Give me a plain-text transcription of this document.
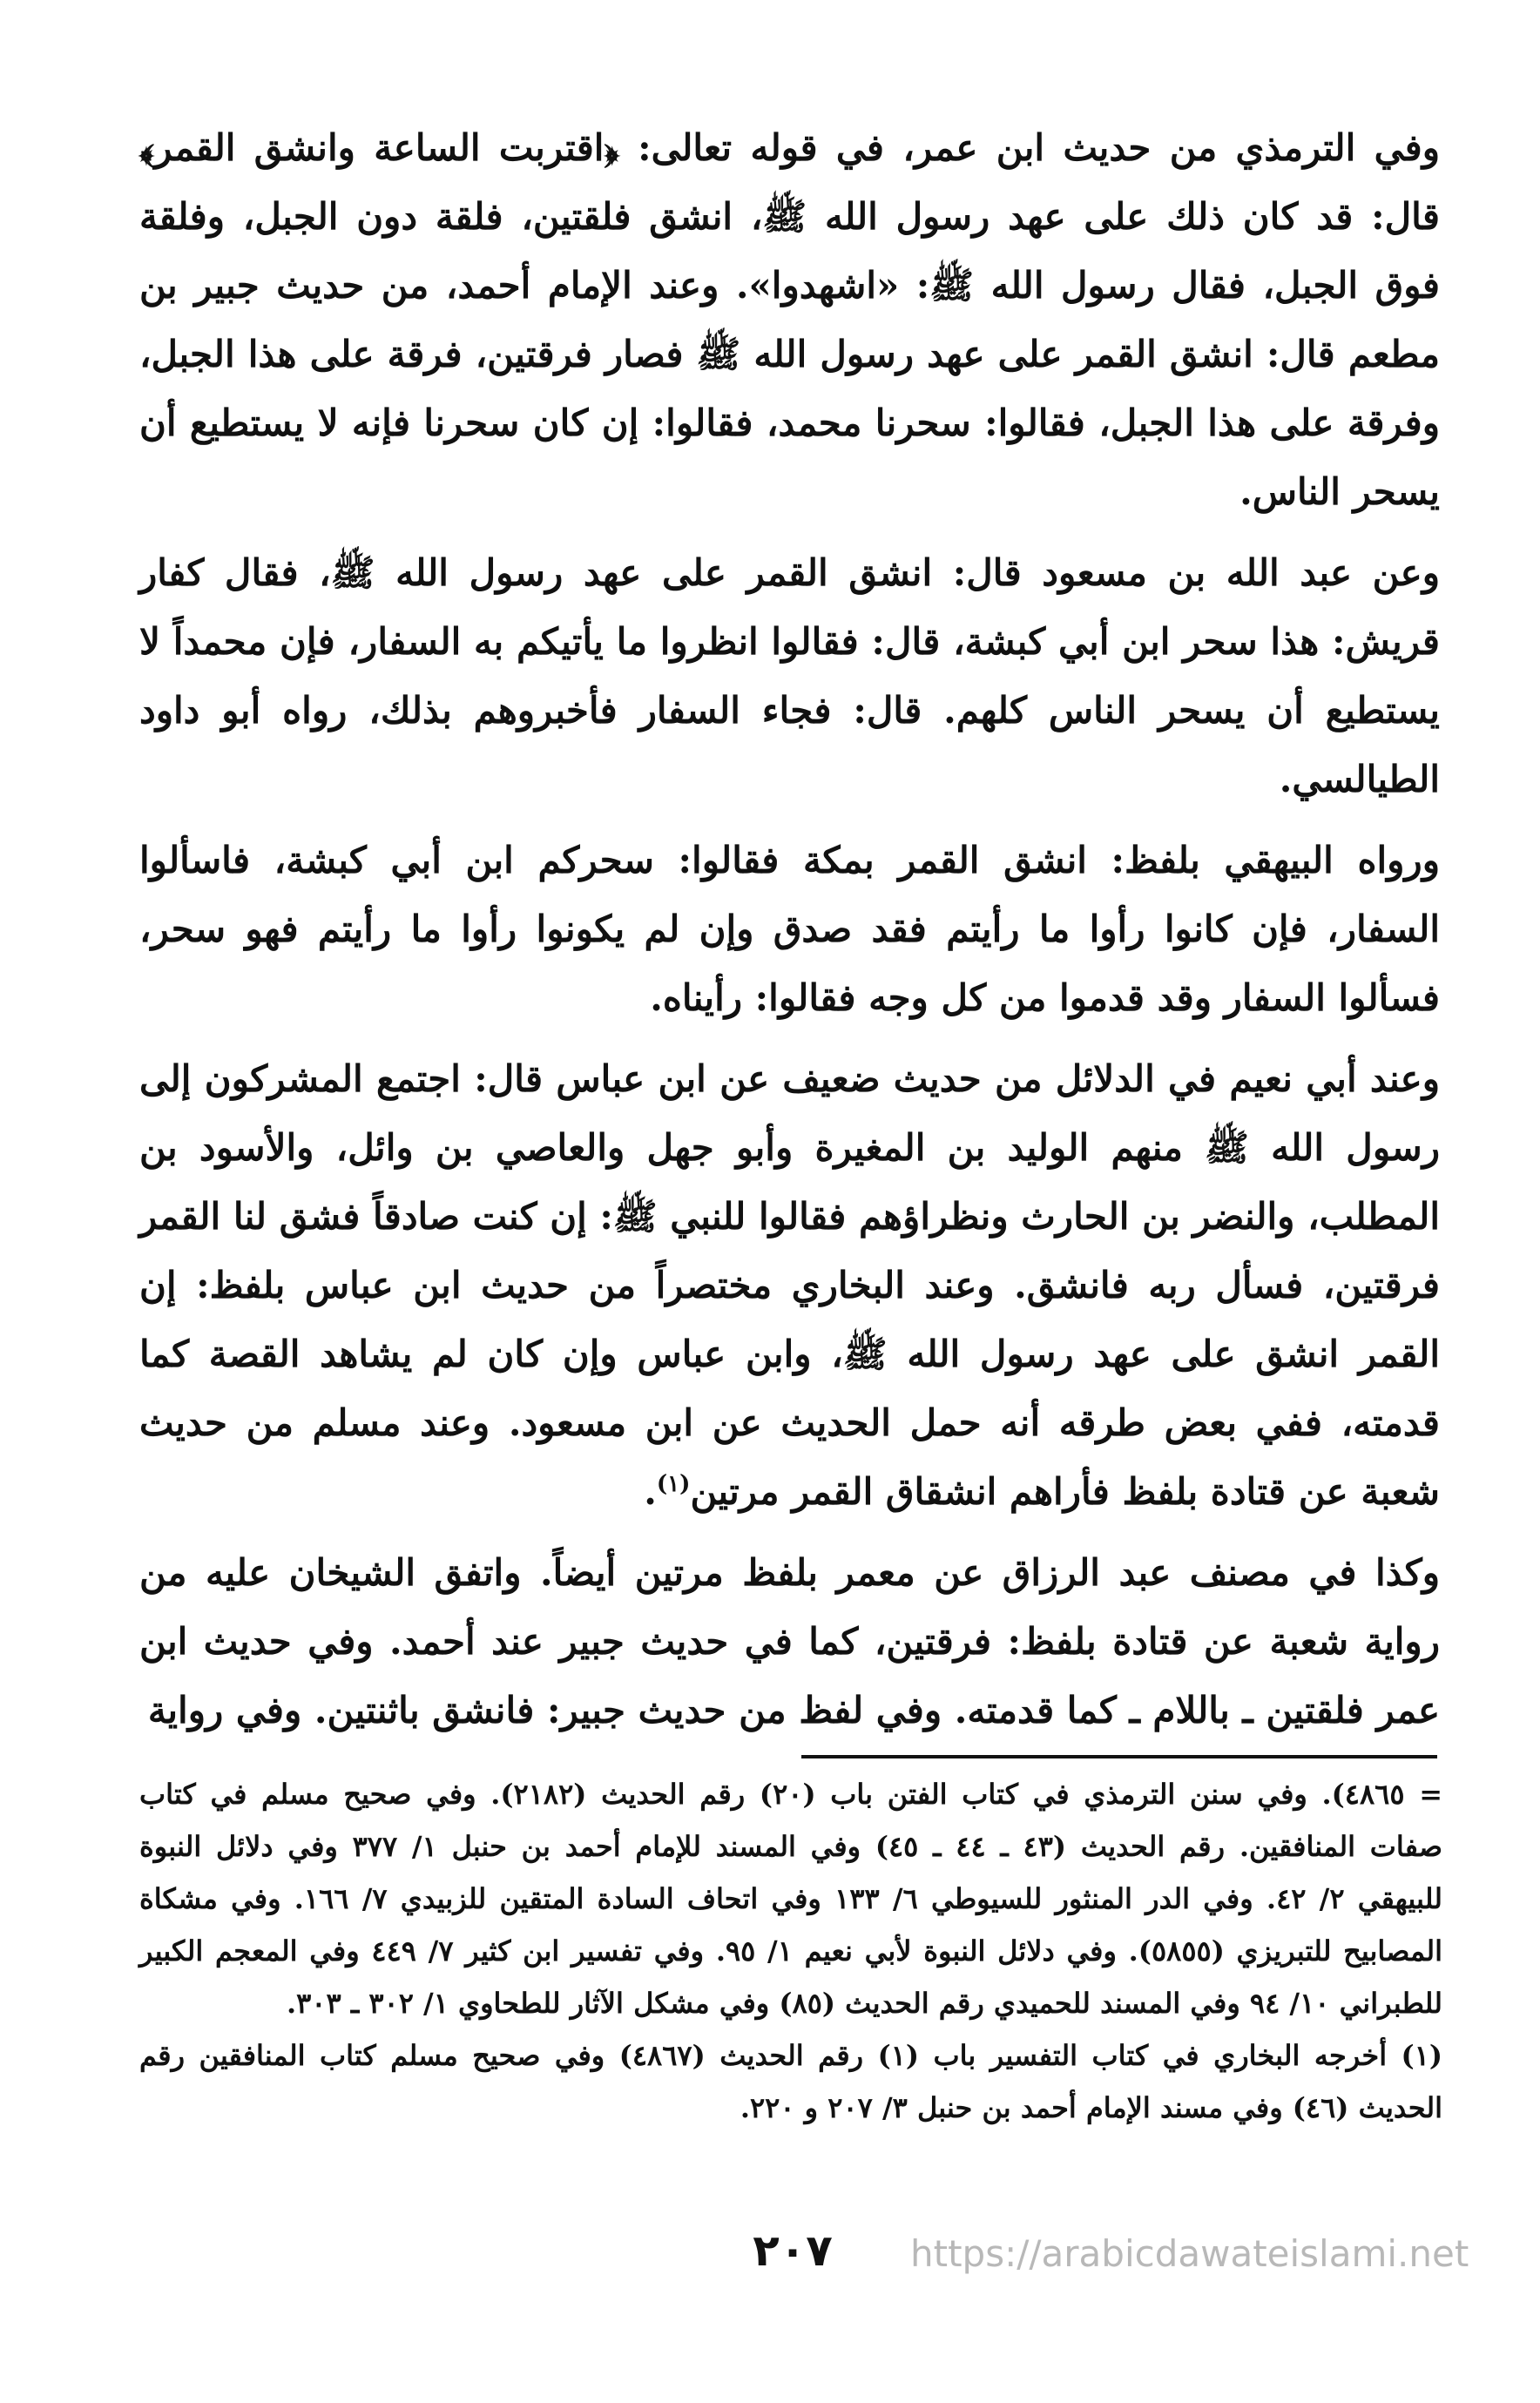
وفي الترمذي من حديث ابن عمر، في قوله تعالى: ﴿اقتربت الساعة وانشق القمر﴾ قال: قد كان ذلك على عهد رسول الله ﷺ، انشق فلقتين، فلقة دون الجبل، وفلقة فوق الجبل، فقال رسول الله ﷺ: «اشهدوا». وعند الإمام أحمد، من حديث جبير بن مطعم قال: انشق القمر على عهد رسول الله ﷺ فصار فرقتين، فرقة على هذا الجبل، وفرقة على هذا الجبل، فقالوا: سحرنا محمد، فقالوا: إن كان سحرنا فإنه لا يستطيع أن يسحر الناس.

وعن عبد الله بن مسعود قال: انشق القمر على عهد رسول الله ﷺ، فقال كفار قريش: هذا سحر ابن أبي كبشة، قال: فقالوا انظروا ما يأتيكم به السفار، فإن محمداً لا يستطيع أن يسحر الناس كلهم. قال: فجاء السفار فأخبروهم بذلك، رواه أبو داود الطيالسي.

ورواه البيهقي بلفظ: انشق القمر بمكة فقالوا: سحركم ابن أبي كبشة، فاسألوا السفار، فإن كانوا رأوا ما رأيتم فقد صدق وإن لم يكونوا رأوا ما رأيتم فهو سحر، فسألوا السفار وقد قدموا من كل وجه فقالوا: رأيناه.

وعند أبي نعيم في الدلائل من حديث ضعيف عن ابن عباس قال: اجتمع المشركون إلى رسول الله ﷺ منهم الوليد بن المغيرة وأبو جهل والعاصي بن وائل، والأسود بن المطلب، والنضر بن الحارث ونظراؤهم فقالوا للنبي ﷺ: إن كنت صادقاً فشق لنا القمر فرقتين، فسأل ربه فانشق. وعند البخاري مختصراً من حديث ابن عباس بلفظ: إن القمر انشق على عهد رسول الله ﷺ، وابن عباس وإن كان لم يشاهد القصة كما قدمته، ففي بعض طرقه أنه حمل الحديث عن ابن مسعود. وعند مسلم من حديث شعبة عن قتادة بلفظ فأراهم انشقاق القمر مرتين$^{(١)}$.

وكذا في مصنف عبد الرزاق عن معمر بلفظ مرتين أيضاً. واتفق الشيخان عليه من رواية شعبة عن قتادة بلفظ: فرقتين، كما في حديث جبير عند أحمد. وفي حديث ابن عمر فلقتين ـ باللام ـ كما قدمته. وفي لفظ من حديث جبير: فانشق باثنتين. وفي رواية

= ٤٨٦٥). وفي سنن الترمذي في كتاب الفتن باب (٢٠) رقم الحديث (٢١٨٢). وفي صحيح مسلم في كتاب صفات المنافقين. رقم الحديث (٤٣ ـ ٤٤ ـ ٤٥) وفي المسند للإمام أحمد بن حنبل ١/ ٣٧٧ وفي دلائل النبوة للبيهقي ٢/ ٤٢. وفي الدر المنثور للسيوطي ٦/ ١٣٣ وفي اتحاف السادة المتقين للزبيدي ٧/ ١٦٦. وفي مشكاة المصابيح للتبريزي (٥٨٥٥). وفي دلائل النبوة لأبي نعيم ١/ ٩٥. وفي تفسير ابن كثير ٧/ ٤٤٩ وفي المعجم الكبير للطبراني ١٠/ ٩٤ وفي المسند للحميدي رقم الحديث (٨٥) وفي مشكل الآثار للطحاوي ١/ ٣٠٢ ـ ٣٠٣.

(١) أخرجه البخاري في كتاب التفسير باب (١) رقم الحديث (٤٨٦٧) وفي صحيح مسلم كتاب المنافقين رقم الحديث (٤٦) وفي مسند الإمام أحمد بن حنبل ٣/ ٢٠٧ و ٢٢٠.

٢٠٧	https://arabicdawateislami.net
